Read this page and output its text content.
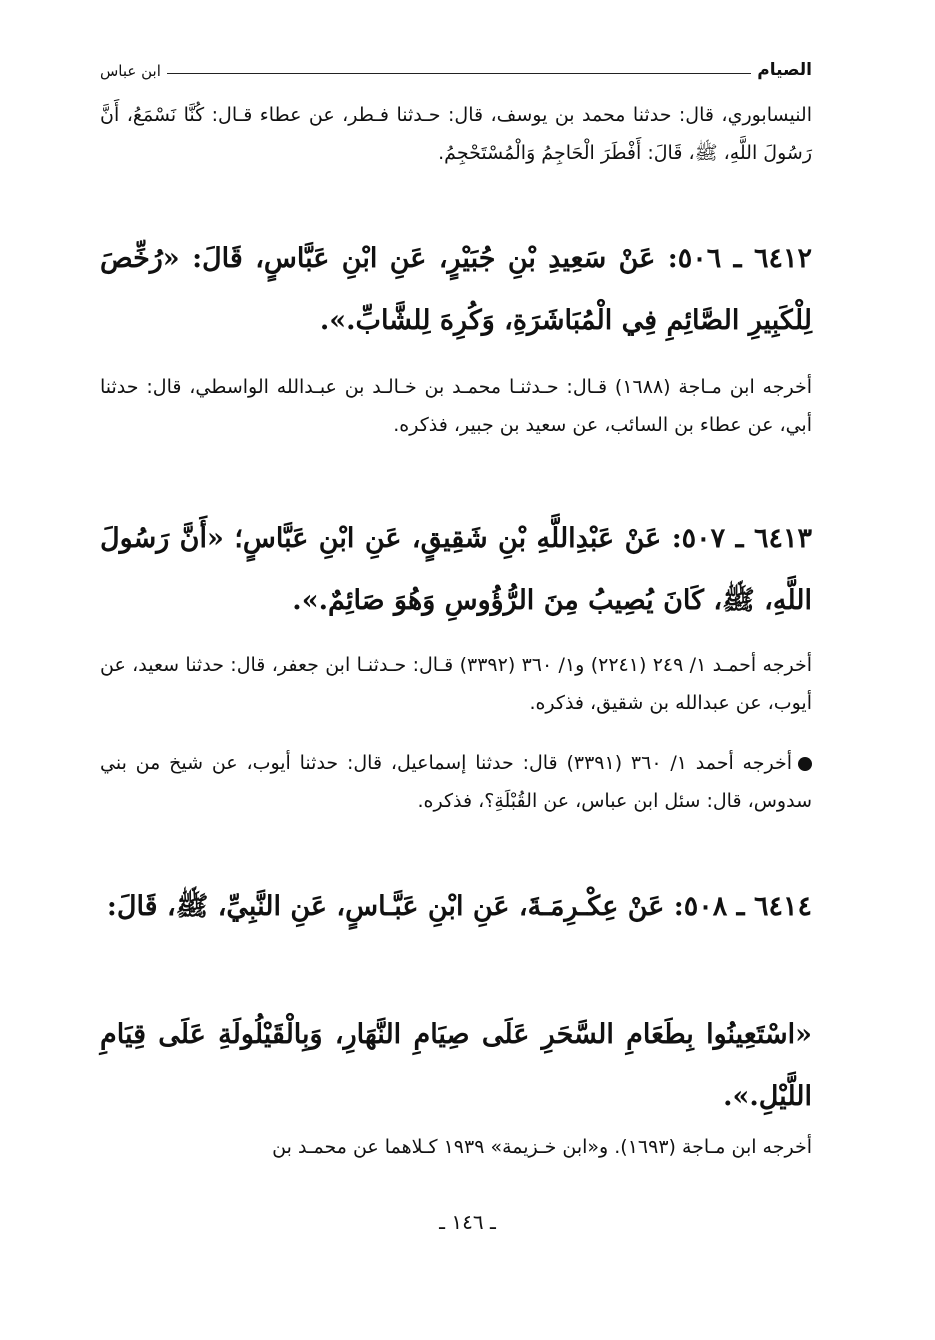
الصيام
ابن عباس
النيسابوري، قال: حدثنا محمد بن يوسف، قال: حـدثنا فـطر، عن عطاء قـال: كُنَّا نَسْمَعُ، أَنَّ رَسُولَ اللَّهِ، ﷺ، قَالَ: أَفْطَرَ الْحَاجِمُ وَالْمُسْتَحْجِمُ.
٦٤١٢ ـ ٥٠٦: عَنْ سَعِيدِ بْنِ جُبَيْرٍ، عَنِ ابْنِ عَبَّاسٍ، قَالَ: «رُخِّصَ لِلْكَبِيرِ الصَّائِمِ فِي الْمُبَاشَرَةِ، وَكُرِهَ لِلشَّابِّ.».
أخرجه ابن مـاجة (١٦٨٨) قـال: حـدثنـا محمـد بن خـالـد بن عبـدالله الواسطي، قال: حدثنا أبي، عن عطاء بن السائب، عن سعيد بن جبير، فذكره.
٦٤١٣ ـ ٥٠٧: عَنْ عَبْدِاللَّهِ بْنِ شَقِيقٍ، عَنِ ابْنِ عَبَّاسٍ؛ «أَنَّ رَسُولَ اللَّهِ، ﷺ، كَانَ يُصِيبُ مِنَ الرُّؤُوسِ وَهُوَ صَائِمٌ.».
أخرجه أحمـد ١/ ٢٤٩ (٢٢٤١) و١/ ٣٦٠ (٣٣٩٢) قـال: حـدثنـا ابن جعفر، قال: حدثنا سعيد، عن أيوب، عن عبدالله بن شقيق، فذكره.
أخرجه أحمد ١/ ٣٦٠ (٣٣٩١) قال: حدثنا إسماعيل، قال: حدثنا أيوب، عن شيخ من بني سدوس، قال: سئل ابن عباس، عن القُبْلَةِ؟، فذكره.
٦٤١٤ ـ ٥٠٨: عَنْ عِكْـرِمَـةَ، عَنِ ابْنِ عَبَّـاسٍ، عَنِ النَّبِيِّ، ﷺ، قَالَ:
«اسْتَعِينُوا بِطَعَامِ السَّحَرِ عَلَى صِيَامِ النَّهَارِ، وَبِالْقَيْلُولَةِ عَلَى قِيَامِ اللَّيْلِ.».
أخرجه ابن مـاجة (١٦٩٣). و«ابن خـزيمة» ١٩٣٩ كـلاهما عن محمـد بن
ـ ١٤٦ ـ
